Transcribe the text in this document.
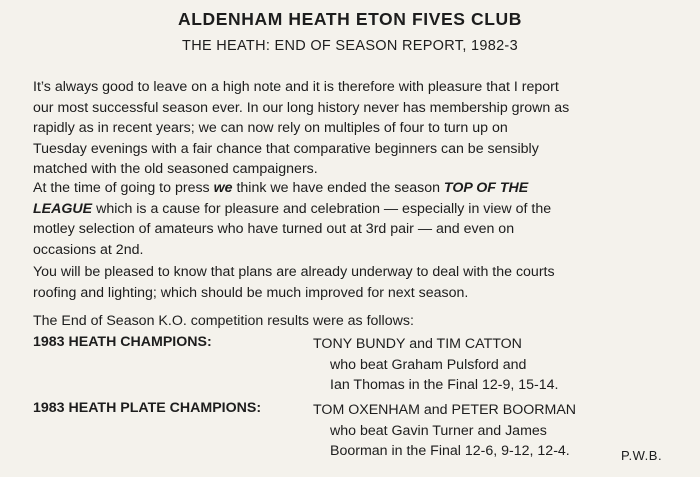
ALDENHAM HEATH ETON FIVES CLUB
THE HEATH: END OF SEASON REPORT, 1982-3
It’s always good to leave on a high note and it is therefore with pleasure that I report
our most successful season ever. In our long history never has membership grown as
rapidly as in recent years; we can now rely on multiples of four to turn up on
Tuesday evenings with a fair chance that comparative beginners can be sensibly
matched with the old seasoned campaigners.
At the time of going to press we think we have ended the season TOP OF THE
LEAGUE which is a cause for pleasure and celebration — especially in view of the
motley selection of amateurs who have turned out at 3rd pair — and even on
occasions at 2nd.
You will be pleased to know that plans are already underway to deal with the courts
roofing and lighting; which should be much improved for next season.
The End of Season K.O. competition results were as follows:
1983 HEATH CHAMPIONS:	TONY BUNDY and TIM CATTON
who beat Graham Pulsford and
Ian Thomas in the Final 12-9, 15-14.
1983 HEATH PLATE CHAMPIONS:	TOM OXENHAM and PETER BOORMAN
who beat Gavin Turner and James
Boorman in the Final 12-6, 9-12, 12-4.	P.W.B.
